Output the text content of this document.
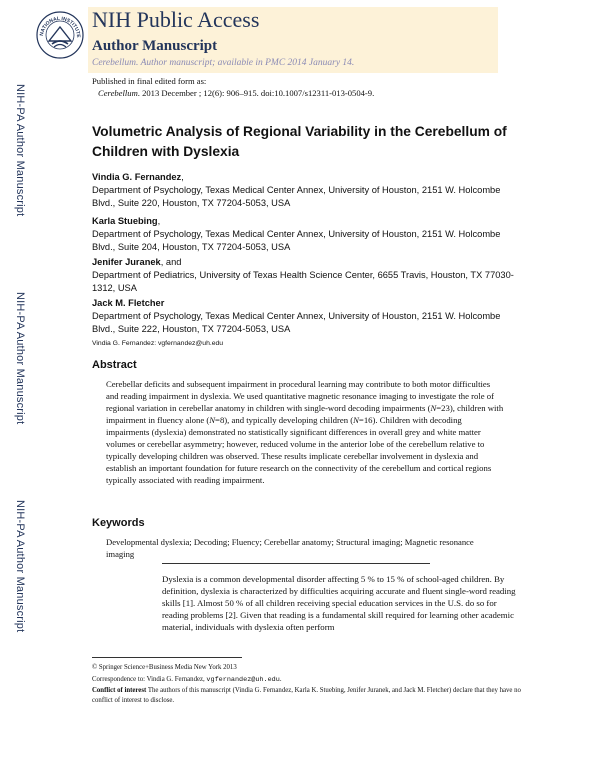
NATIONAL INSTITUTE
NIH Public Access
Author Manuscript
Cerebellum. Author manuscript; available in PMC 2014 January 14.
Published in final edited form as:
Cerebellum. 2013 December ; 12(6): 906–915. doi:10.1007/s12311-013-0504-9.
NIH-PA Author Manuscript
NIH-PA Author Manuscript
NIH-PA Author Manuscript
Volumetric Analysis of Regional Variability in the Cerebellum of Children with Dyslexia
Vindia G. Fernandez,
Department of Psychology, Texas Medical Center Annex, University of Houston, 2151 W. Holcombe Blvd., Suite 220, Houston, TX 77204-5053, USA
Karla Stuebing,
Department of Psychology, Texas Medical Center Annex, University of Houston, 2151 W. Holcombe Blvd., Suite 204, Houston, TX 77204-5053, USA
Jenifer Juranek, and
Department of Pediatrics, University of Texas Health Science Center, 6655 Travis, Houston, TX 77030-1312, USA
Jack M. Fletcher
Department of Psychology, Texas Medical Center Annex, University of Houston, 2151 W. Holcombe Blvd., Suite 222, Houston, TX 77204-5053, USA
Vindia G. Fernandez: vgfernandez@uh.edu
Abstract
Cerebellar deficits and subsequent impairment in procedural learning may contribute to both motor difficulties and reading impairment in dyslexia. We used quantitative magnetic resonance imaging to investigate the role of regional variation in cerebellar anatomy in children with single-word decoding impairments (N=23), children with impairment in fluency alone (N=8), and typically developing children (N=16). Children with decoding impairments (dyslexia) demonstrated no statistically significant differences in overall grey and white matter volumes or cerebellar asymmetry; however, reduced volume in the anterior lobe of the cerebellum relative to typically developing children was observed. These results implicate cerebellar involvement in dyslexia and establish an important foundation for future research on the connectivity of the cerebellum and cortical regions typically associated with reading impairment.
Keywords
Developmental dyslexia; Decoding; Fluency; Cerebellar anatomy; Structural imaging; Magnetic resonance imaging
Dyslexia is a common developmental disorder affecting 5 % to 15 % of school-aged children. By definition, dyslexia is characterized by difficulties acquiring accurate and fluent single-word reading skills [1]. Almost 50 % of all children receiving special education services in the U.S. do so for reading problems [2]. Given that reading is a fundamental skill required for learning other academic material, individuals with dyslexia often perform
© Springer Science+Business Media New York 2013
Correspondence to: Vindia G. Fernandez, vgfernandez@uh.edu.
Conflict of interest The authors of this manuscript (Vindia G. Fernandez, Karla K. Stuebing, Jenifer Juranek, and Jack M. Fletcher) declare that they have no conflict of interest to disclose.
